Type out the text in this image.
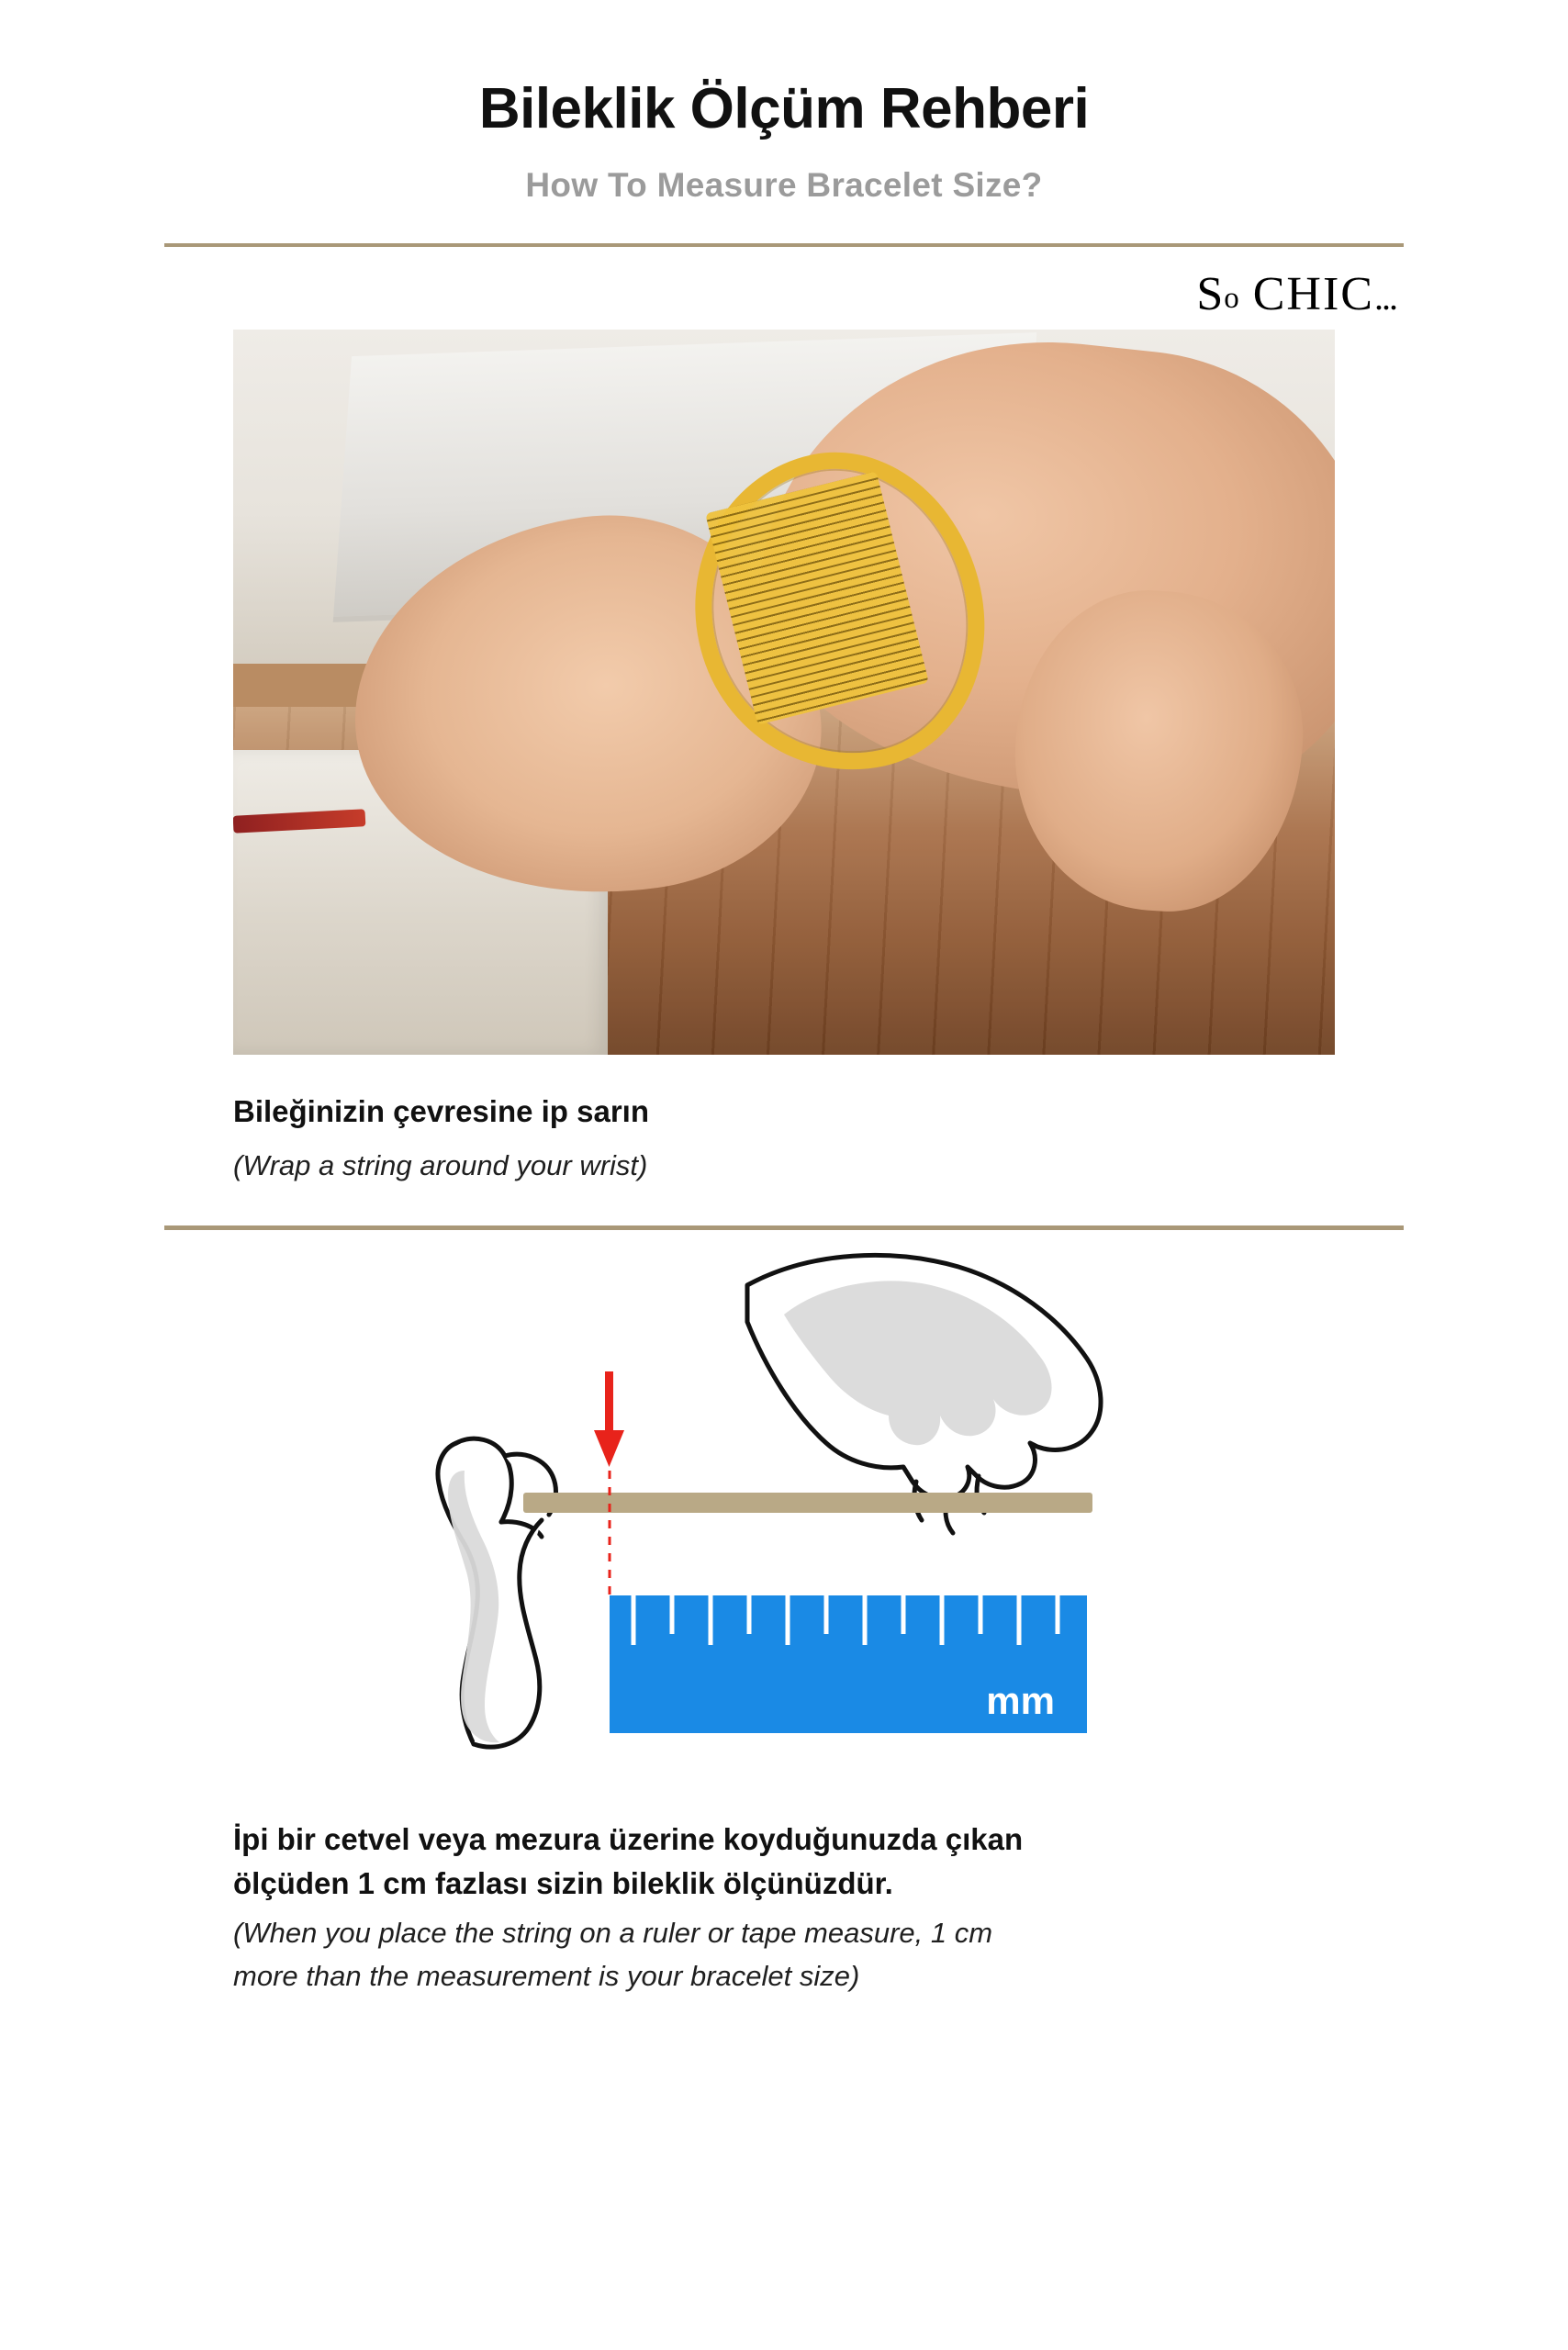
Bileklik Ölçüm Rehberi
How To Measure Bracelet Size?
So CHIC...
Bileğinizin çevresine ip sarın
(Wrap a string around your wrist)
mm
İpi bir cetvel veya mezura üzerine koyduğunuzda çıkan
ölçüden 1 cm fazlası sizin bileklik ölçünüzdür.
(When you place the string on a ruler or tape measure, 1 cm
more than the measurement is your bracelet size)
